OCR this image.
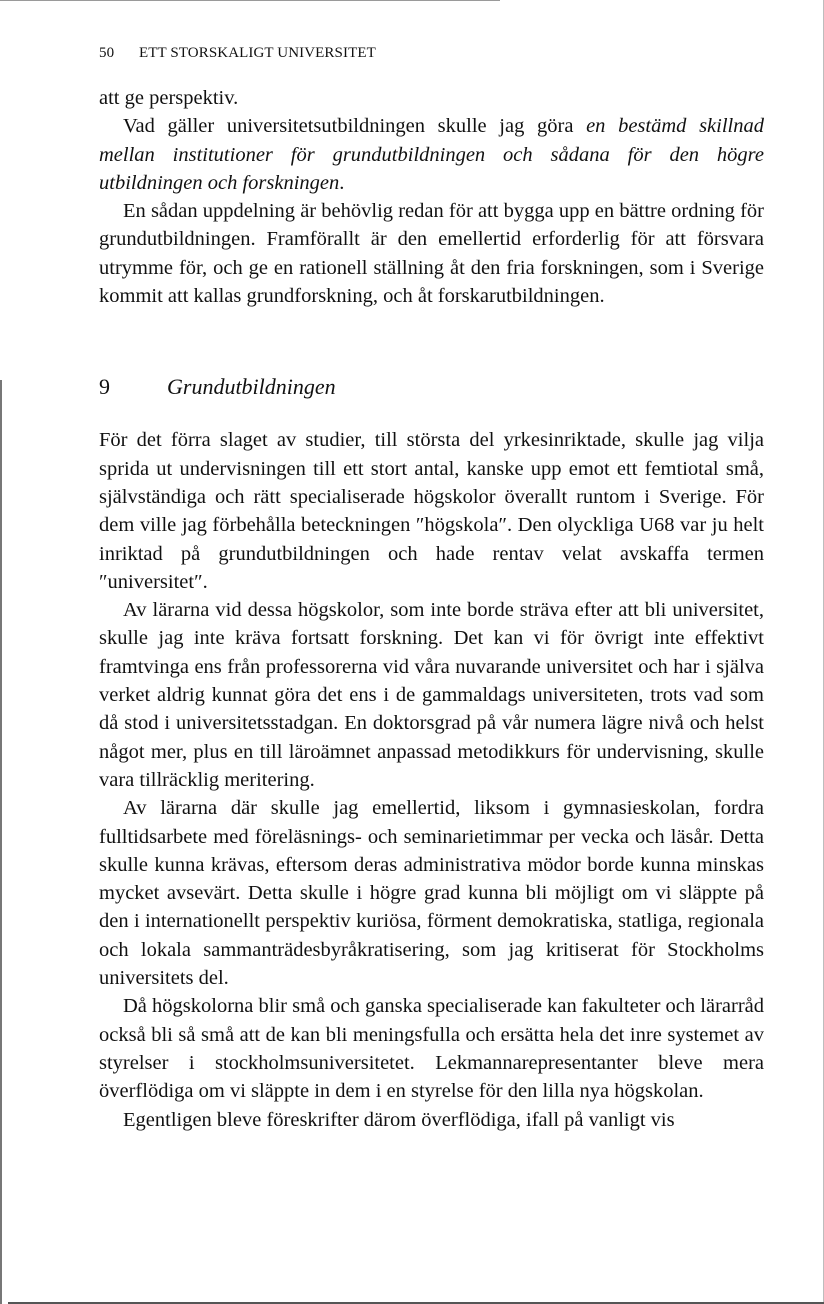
50 ETT STORSKALIGT UNIVERSITET

att ge perspektiv.

Vad gäller universitetsutbildningen skulle jag göra en bestämd skillnad mellan institutioner för grundutbildningen och sådana för den högre utbildningen och forskningen.

En sådan uppdelning är behövlig redan för att bygga upp en bättre ordning för grundutbildningen. Framförallt är den emellertid erforderlig för att försvara utrymme för, och ge en rationell ställning åt den fria forskningen, som i Sverige kommit att kallas grundforskning, och åt forskarutbildningen.

9	Grundutbildningen

För det förra slaget av studier, till största del yrkesinriktade, skulle jag vilja sprida ut undervisningen till ett stort antal, kanske upp emot ett femtiotal små, självständiga och rätt specialiserade högskolor överallt runtom i Sverige. För dem ville jag förbehålla beteckningen ″högskola″. Den olyckliga U68 var ju helt inriktad på grundutbildningen och hade rentav velat avskaffa termen ″universitet″.

Av lärarna vid dessa högskolor, som inte borde sträva efter att bli universitet, skulle jag inte kräva fortsatt forskning. Det kan vi för övrigt inte effektivt framtvinga ens från professorerna vid våra nuvarande universitet och har i själva verket aldrig kunnat göra det ens i de gammaldags universiteten, trots vad som då stod i universitetsstadgan. En doktorsgrad på vår numera lägre nivå och helst något mer, plus en till läroämnet anpassad metodikkurs för undervisning, skulle vara tillräcklig meritering.

Av lärarna där skulle jag emellertid, liksom i gymnasieskolan, fordra fulltidsarbete med föreläsnings- och seminarietimmar per vecka och läsår. Detta skulle kunna krävas, eftersom deras administrativa mödor borde kunna minskas mycket avsevärt. Detta skulle i högre grad kunna bli möjligt om vi släppte på den i internationellt perspektiv kuriösa, förment demokratiska, statliga, regionala och lokala sammanträdesbyråkratisering, som jag kritiserat för Stockholms universitets del.

Då högskolorna blir små och ganska specialiserade kan fakulteter och lärarråd också bli så små att de kan bli meningsfulla och ersätta hela det inre systemet av styrelser i stockholmsuniversitetet. Lekmannarepresentanter bleve mera överflödiga om vi släppte in dem i en styrelse för den lilla nya högskolan.

Egentligen bleve föreskrifter därom överflödiga, ifall på vanligt vis
